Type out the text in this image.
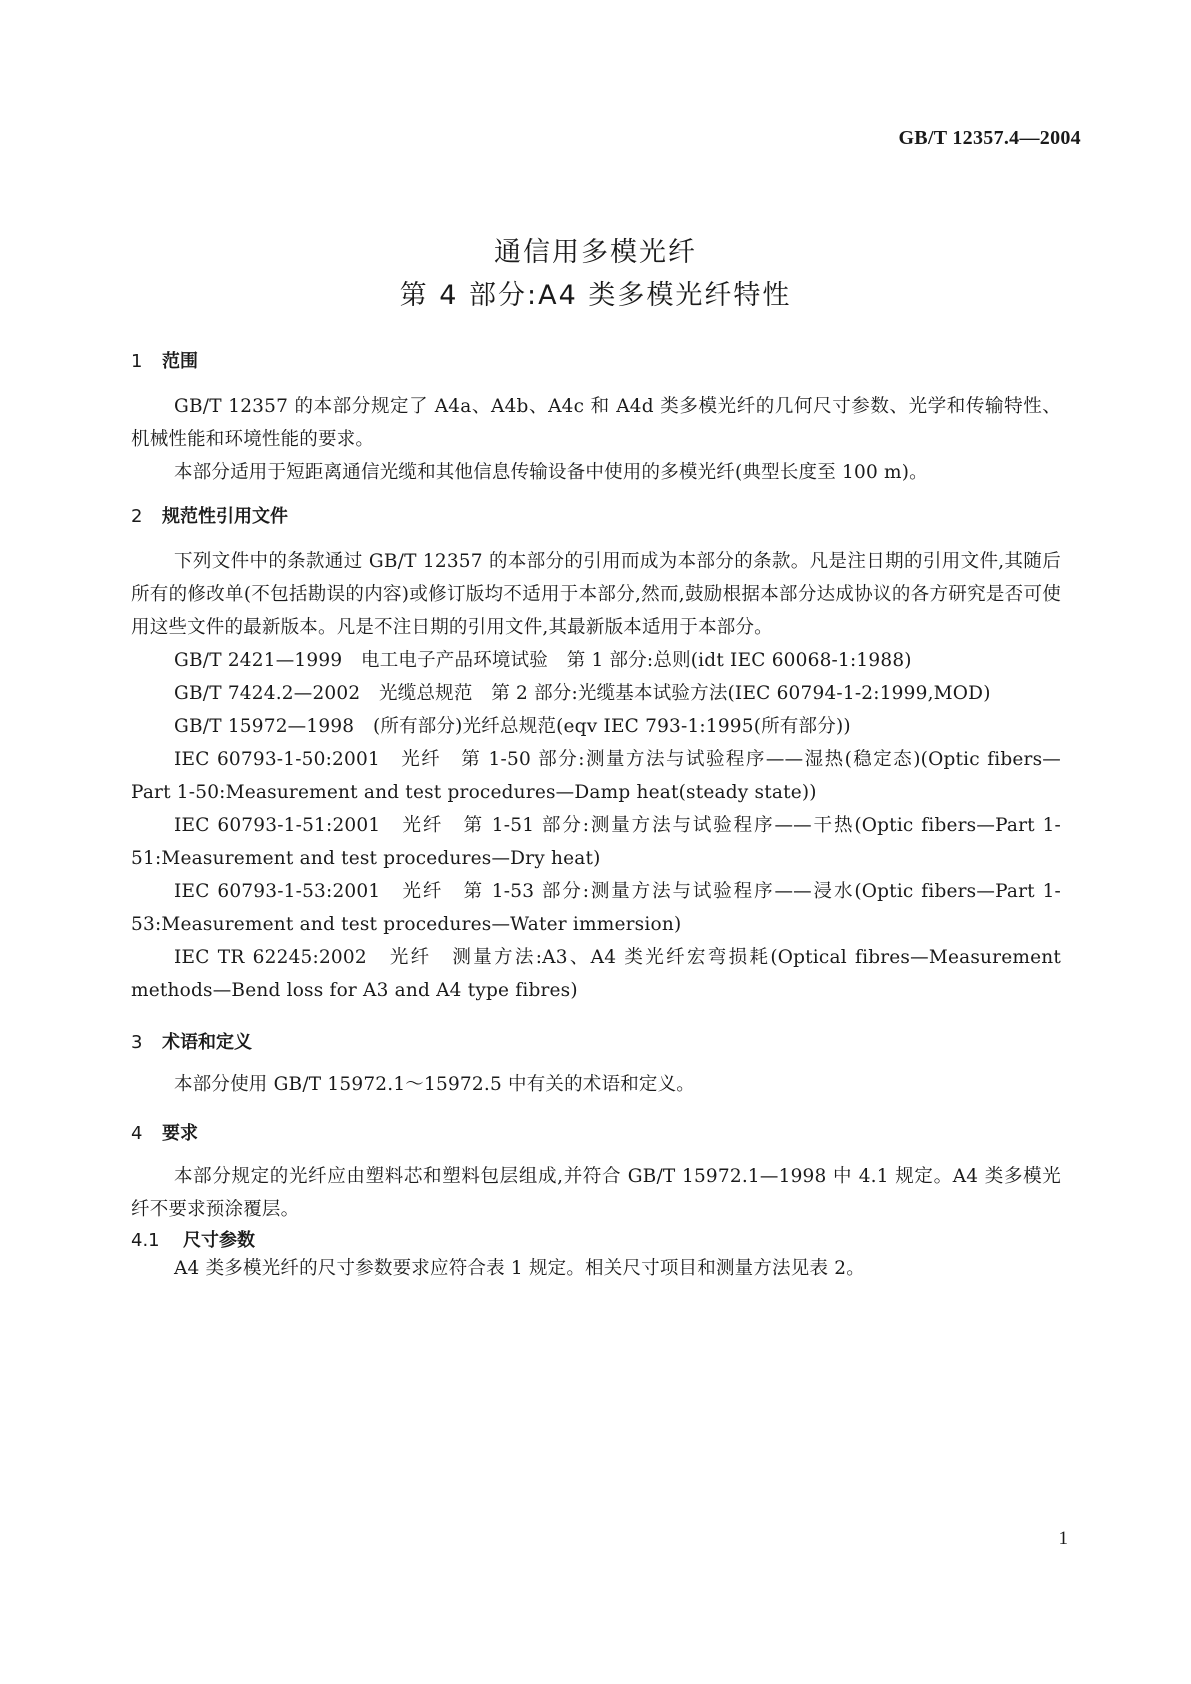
GB/T 12357.4—2004
通信用多模光纤
第 4 部分:A4 类多模光纤特性
1 范围

GB/T 12357 的本部分规定了 A4a、A4b、A4c 和 A4d 类多模光纤的几何尺寸参数、光学和传输特性、机械性能和环境性能的要求。

本部分适用于短距离通信光缆和其他信息传输设备中使用的多模光纤(典型长度至 100 m)。

2 规范性引用文件

下列文件中的条款通过 GB/T 12357 的本部分的引用而成为本部分的条款。凡是注日期的引用文件,其随后所有的修改单(不包括勘误的内容)或修订版均不适用于本部分,然而,鼓励根据本部分达成协议的各方研究是否可使用这些文件的最新版本。凡是不注日期的引用文件,其最新版本适用于本部分。

GB/T 2421—1999　 电工电子产品环境试验　第 1 部分:总则(idt IEC 60068-1:1988)

GB/T 7424.2—2002　 光缆总规范　第 2 部分:光缆基本试验方法(IEC 60794-1-2:1999,MOD)

GB/T 15972—1998　 (所有部分)光纤总规范(eqv IEC 793-1:1995(所有部分))

IEC 60793-1-50:2001　 光纤　第 1-50 部分:测量方法与试验程序——湿热(稳定态)(Optic fibers—Part 1-50:Measurement and test procedures—Damp heat(steady state))

IEC 60793-1-51:2001　 光纤　第 1-51 部分:测量方法与试验程序——干热(Optic fibers—Part 1-51:Measurement and test procedures—Dry heat)

IEC 60793-1-53:2001　 光纤　第 1-53 部分:测量方法与试验程序——浸水(Optic fibers—Part 1-53:Measurement and test procedures—Water immersion)

IEC TR 62245:2002　 光纤　测量方法:A3、A4 类光纤宏弯损耗(Optical fibres—Measurement methods—Bend loss for A3 and A4 type fibres)

3 术语和定义

本部分使用 GB/T 15972.1～15972.5 中有关的术语和定义。

4 要求

本部分规定的光纤应由塑料芯和塑料包层组成,并符合 GB/T 15972.1—1998 中 4.1 规定。A4 类多模光纤不要求预涂覆层。

4.1 尺寸参数

A4 类多模光纤的尺寸参数要求应符合表 1 规定。相关尺寸项目和测量方法见表 2。

1
